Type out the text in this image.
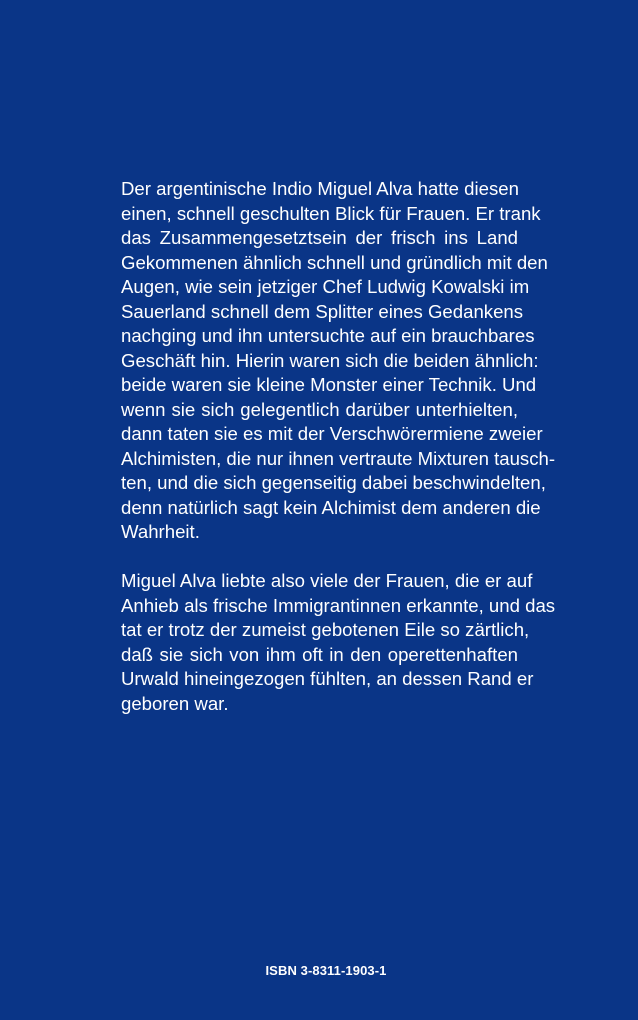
Der argentinische Indio Miguel Alva hatte diesen
einen, schnell geschulten Blick für Frauen. Er trank
das Zusammengesetztsein der frisch ins Land
Gekommenen ähnlich schnell und gründlich mit den
Augen, wie sein jetziger Chef Ludwig Kowalski im
Sauerland schnell dem Splitter eines Gedankens
nachging und ihn untersuchte auf ein brauchbares
Geschäft hin. Hierin waren sich die beiden ähnlich:
beide waren sie kleine Monster einer Technik. Und
wenn sie sich gelegentlich darüber unterhielten,
dann taten sie es mit der Verschwörermiene zweier
Alchimisten, die nur ihnen vertraute Mixturen tausch-
ten, und die sich gegenseitig dabei beschwindelten,
denn natürlich sagt kein Alchimist dem anderen die
Wahrheit.

Miguel Alva liebte also viele der Frauen, die er auf
Anhieb als frische Immigrantinnen erkannte, und das
tat er trotz der zumeist gebotenen Eile so zärtlich,
daß sie sich von ihm oft in den operettenhaften
Urwald hineingezogen fühlten, an dessen Rand er
geboren war.

ISBN 3-8311-1903-1
